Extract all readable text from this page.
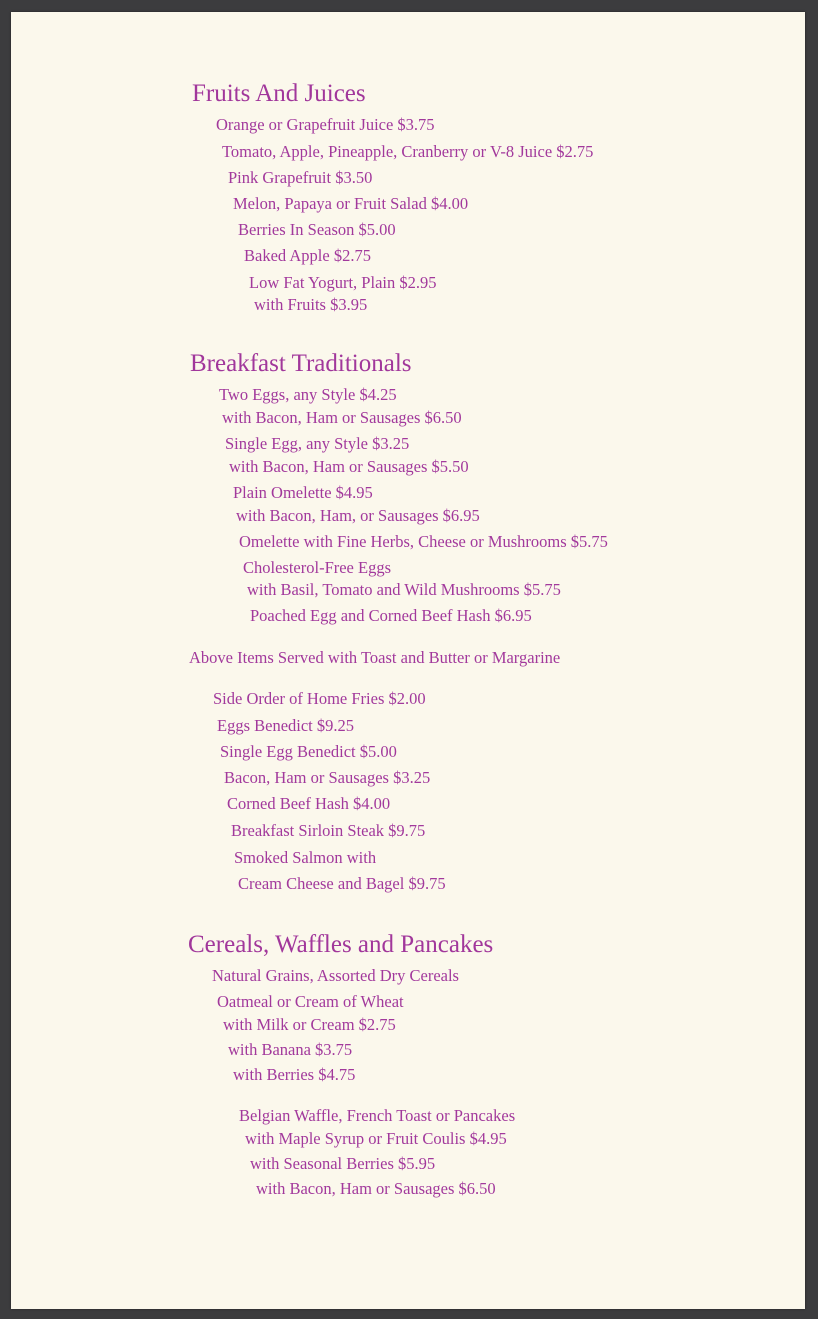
Fruits And Juices
Orange or Grapefruit Juice $3.75
Tomato, Apple, Pineapple, Cranberry or V-8 Juice $2.75
Pink Grapefruit $3.50
Melon, Papaya or Fruit Salad $4.00
Berries In Season $5.00
Baked Apple $2.75
Low Fat Yogurt, Plain $2.95
with Fruits $3.95
Breakfast Traditionals
Two Eggs, any Style $4.25
with Bacon, Ham or Sausages $6.50
Single Egg, any Style $3.25
with Bacon, Ham or Sausages $5.50
Plain Omelette $4.95
with Bacon, Ham, or Sausages $6.95
Omelette with Fine Herbs, Cheese or Mushrooms $5.75
Cholesterol-Free Eggs
with Basil, Tomato and Wild Mushrooms $5.75
Poached Egg and Corned Beef Hash $6.95
Above Items Served with Toast and Butter or Margarine
Side Order of Home Fries $2.00
Eggs Benedict $9.25
Single Egg Benedict $5.00
Bacon, Ham or Sausages $3.25
Corned Beef Hash $4.00
Breakfast Sirloin Steak $9.75
Smoked Salmon with
Cream Cheese and Bagel $9.75
Cereals, Waffles and Pancakes
Natural Grains, Assorted Dry Cereals
Oatmeal or Cream of Wheat
with Milk or Cream $2.75
with Banana $3.75
with Berries $4.75
Belgian Waffle, French Toast or Pancakes
with Maple Syrup or Fruit Coulis $4.95
with Seasonal Berries $5.95
with Bacon, Ham or Sausages $6.50
